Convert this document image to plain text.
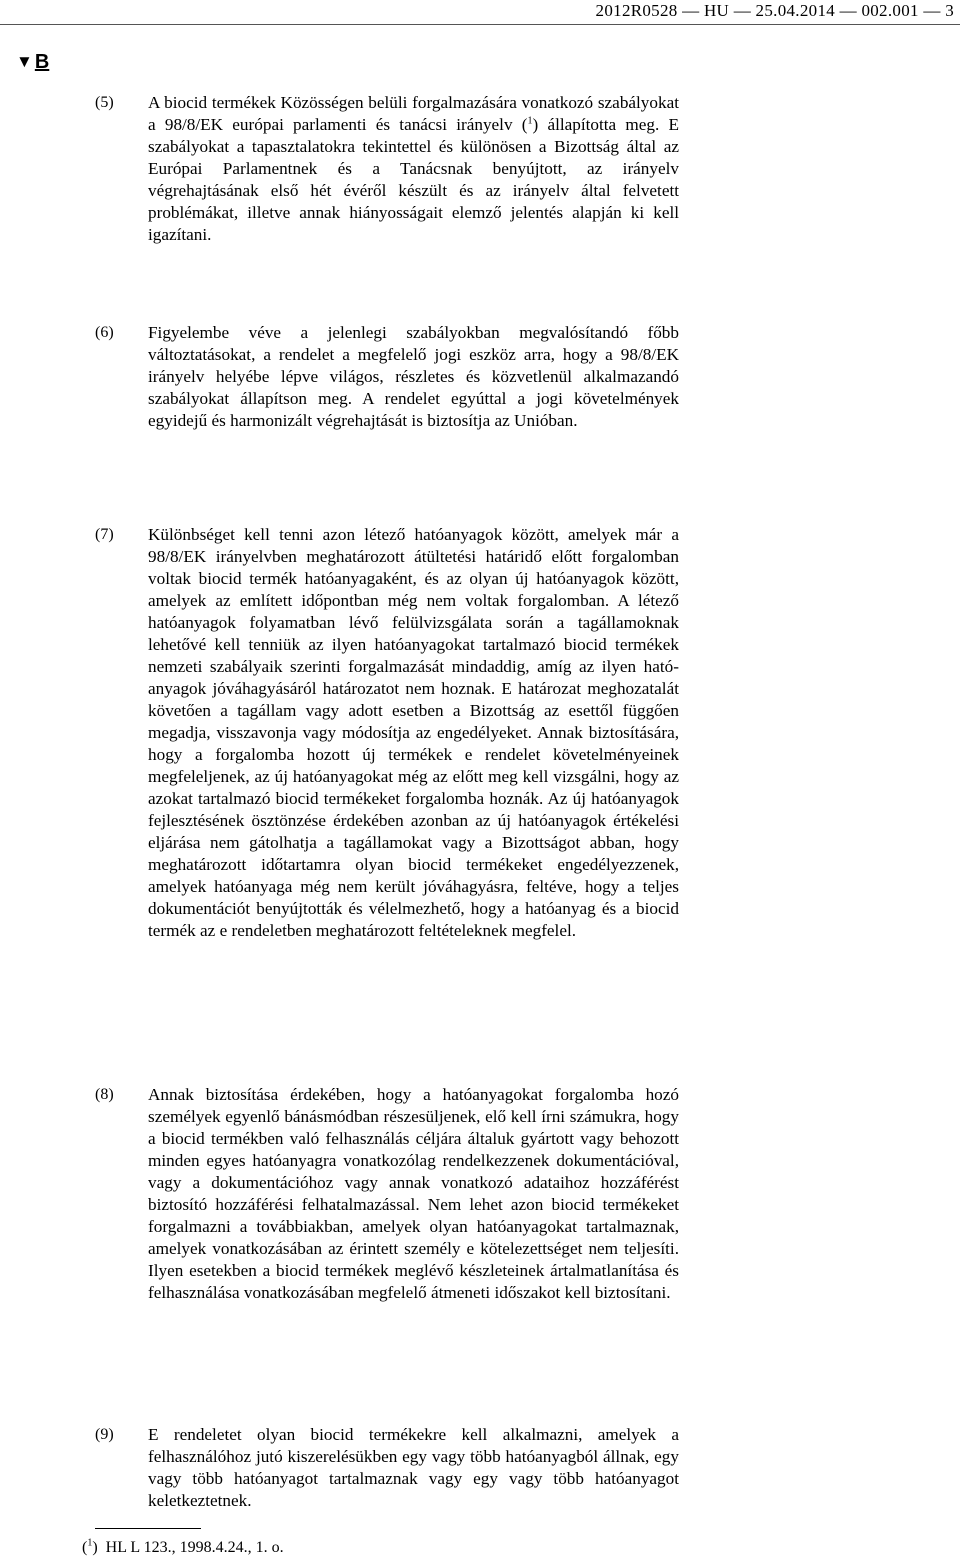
2012R0528 — HU — 25.04.2014 — 002.001 — 3
▼ B
(5) A biocid termékek Közösségen belüli forgalmazására vonatkozó szabályokat a 98/8/EK európai parlamenti és tanácsi irányelv ($^1$) állapította meg. E szabályokat a tapasztalatokra tekintettel és különösen a Bizottság által az Európai Parlamentnek és a Tanácsnak benyújtott, az irányelv végrehajtásának első hét évéről készült és az irányelv által felvetett problémákat, illetve annak hiányosságait elemző jelentés alapján ki kell igazítani.

(6) Figyelembe véve a jelenlegi szabályokban megvalósítandó főbb változtatásokat, a rendelet a megfelelő jogi eszköz arra, hogy a 98/8/EK irányelv helyébe lépve világos, részletes és közvetlenül alkalmazandó szabályokat állapítson meg. A rendelet egyúttal a jogi követelmények egyidejű és harmonizált végrehajtását is biztosítja az Unióban.

(7) Különbséget kell tenni azon létező hatóanyagok között, amelyek már a 98/8/EK irányelvben meghatározott átültetési határidő előtt forgalomban voltak biocid termék hatóanyagaként, és az olyan új hatóanyagok között, amelyek az említett időpontban még nem voltak forgalomban. A létező hatóanyagok folyamatban lévő felülvizsgálata során a tagállamoknak lehetővé kell tenniük az ilyen hatóanyagokat tartalmazó biocid termékek nemzeti szabályaik szerinti forgalmazását mindaddig, amíg az ilyen hatóanyagok jóváhagyásáról határozatot nem hoznak. E határozat meghozatalát követően a tagállam vagy adott esetben a Bizottság az esettől függően megadja, visszavonja vagy módosítja az engedélyeket. Annak biztosítására, hogy a forgalomba hozott új termékek e rendelet követelményeinek megfeleljenek, az új hatóanyagokat még az előtt meg kell vizsgálni, hogy az azokat tartalmazó biocid termékeket forgalomba hoznák. Az új hatóanyagok fejlesztésének ösztönzése érdekében azonban az új hatóanyagok értékelési eljárása nem gátolhatja a tagállamokat vagy a Bizottságot abban, hogy meghatározott időtartamra olyan biocid termékeket engedélyezzenek, amelyek hatóanyaga még nem került jóváhagyásra, feltéve, hogy a teljes dokumentációt benyújtották és vélelmezhető, hogy a hatóanyag és a biocid termék az e rendeletben meghatározott feltételeknek megfelel.

(8) Annak biztosítása érdekében, hogy a hatóanyagokat forgalomba hozó személyek egyenlő bánásmódban részesüljenek, elő kell írni számukra, hogy a biocid termékben való felhasználás céljára általuk gyártott vagy behozott minden egyes hatóanyagra vonatkozólag rendelkezzenek dokumentációval, vagy a dokumentációhoz vagy annak vonatkozó adataihoz hozzáférést biztosító hozzáférési felhatalmazással. Nem lehet azon biocid termékeket forgalmazni a továbbiakban, amelyek olyan hatóanyagokat tartalmaznak, amelyek vonatkozásában az érintett személy e kötelezettséget nem teljesíti. Ilyen esetekben a biocid termékek meglévő készleteinek ártalmatlanítása és felhasználása vonatkozásában megfelelő átmeneti időszakot kell biztosítani.

(9) E rendeletet olyan biocid termékekre kell alkalmazni, amelyek a felhasználóhoz jutó kiszerelésükben egy vagy több hatóanyagból állnak, egy vagy több hatóanyagot tartalmaznak vagy egy vagy több hatóanyagot keletkeztetnek.

($^1$)  HL L 123., 1998.4.24., 1. o.
